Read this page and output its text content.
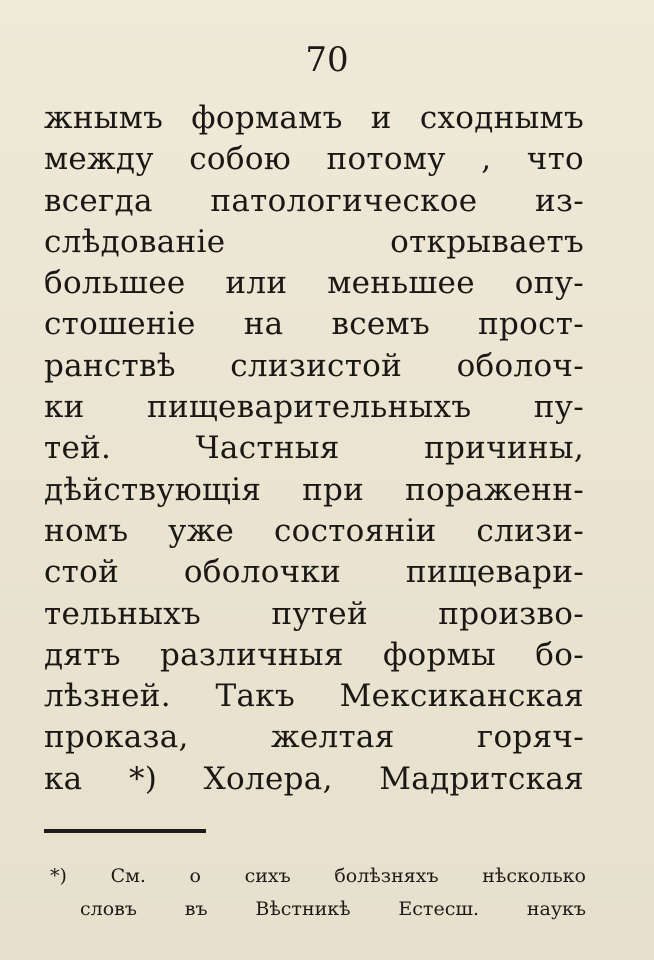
70
жнымъ формамъ и сходнымъ
между собою потому , что
всегда патологическое из-
слѣдованіе открываетъ
большее или меньшее опу-
стошеніе на всемъ прост-
ранствѣ слизистой оболоч-
ки пищеварительныхъ пу-
тей. Частныя причины,
дѣйствующія при пораженн-
номъ уже состояніи слизи-
стой оболочки пищевари-
тельныхъ путей произво-
дятъ различныя формы бо-
лѣзней. Такъ Мексиканская
проказа, желтая горяч-
ка *) Холера, Мадритская
*) См. о сихъ болѣзняхъ нѣсколько
словъ въ Вѣстникѣ Естесш. наукъ
